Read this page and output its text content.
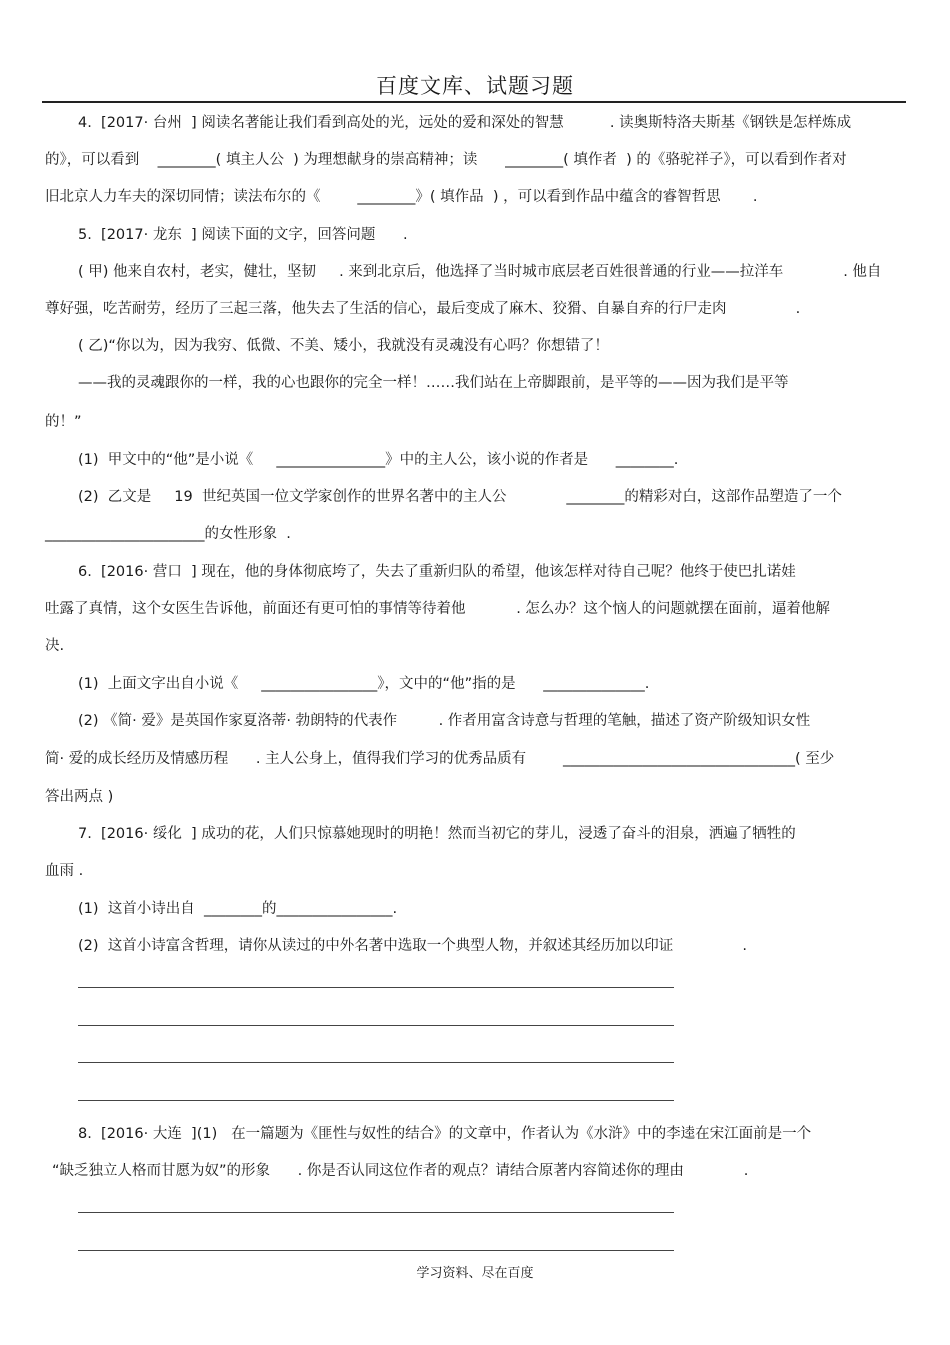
百度文库、试题习题
4.  [2017· 台州  ] 阅读名著能让我们看到高处的光，远处的爱和深处的智慧          . 读奥斯特洛夫斯基《钢铁是怎样炼成
的》，可以看到    ________( 填主人公  ) 为理想献身的崇高精神；读      ________( 填作者  ) 的《骆驼祥子》，可以看到作者对
旧北京人力车夫的深切同情；读法布尔的《        ________》( 填作品  ) ，可以看到作品中蕴含的睿智哲思       .
5.  [2017· 龙东  ] 阅读下面的文字，回答问题      .
( 甲) 他来自农村，老实，健壮，坚韧     . 来到北京后，他选择了当时城市底层老百姓很普通的行业——拉洋车             . 他自
尊好强，吃苦耐劳，经历了三起三落，他失去了生活的信心，最后变成了麻木、狡猾、自暴自弃的行尸走肉               .
( 乙)“你以为，因为我穷、低微、不美、矮小，我就没有灵魂没有心吗？你想错了！
——我的灵魂跟你的一样，我的心也跟你的完全一样！……我们站在上帝脚跟前，是平等的——因为我们是平等
的！”
(1)  甲文中的“他”是小说《     _______________》中的主人公，该小说的作者是      ________.
(2)  乙文是     19  世纪英国一位文学家创作的世界名著中的主人公             ________的精彩对白，这部作品塑造了一个
______________________的女性形象  .
6.  [2016· 营口  ] 现在，他的身体彻底垮了，失去了重新归队的希望，他该怎样对待自己呢？他终于使巴扎诺娃
吐露了真情，这个女医生告诉他，前面还有更可怕的事情等待着他           . 怎么办？这个恼人的问题就摆在面前，逼着他解
决.
(1)  上面文字出自小说《     ________________》，文中的“他”指的是      ______________.
(2) 《简· 爱》是英国作家夏洛蒂· 勃朗特的代表作         . 作者用富含诗意与哲理的笔触，描述了资产阶级知识女性
简· 爱的成长经历及情感历程      . 主人公身上，值得我们学习的优秀品质有        ________________________________( 至少
答出两点 )
7.  [2016· 绥化  ] 成功的花，人们只惊慕她现时的明艳！然而当初它的芽儿，浸透了奋斗的泪泉，洒遍了牺牲的
血雨 .
(1)  这首小诗出自  ________的________________.
(2)  这首小诗富含哲理，请你从读过的中外名著中选取一个典型人物，并叙述其经历加以印证               .
8.  [2016· 大连  ](1)   在一篇题为《匪性与奴性的结合》的文章中，作者认为《水浒》中的李逵在宋江面前是一个
“缺乏独立人格而甘愿为奴”的形象      . 你是否认同这位作者的观点？请结合原著内容简述你的理由             .
学习资料、尽在百度
